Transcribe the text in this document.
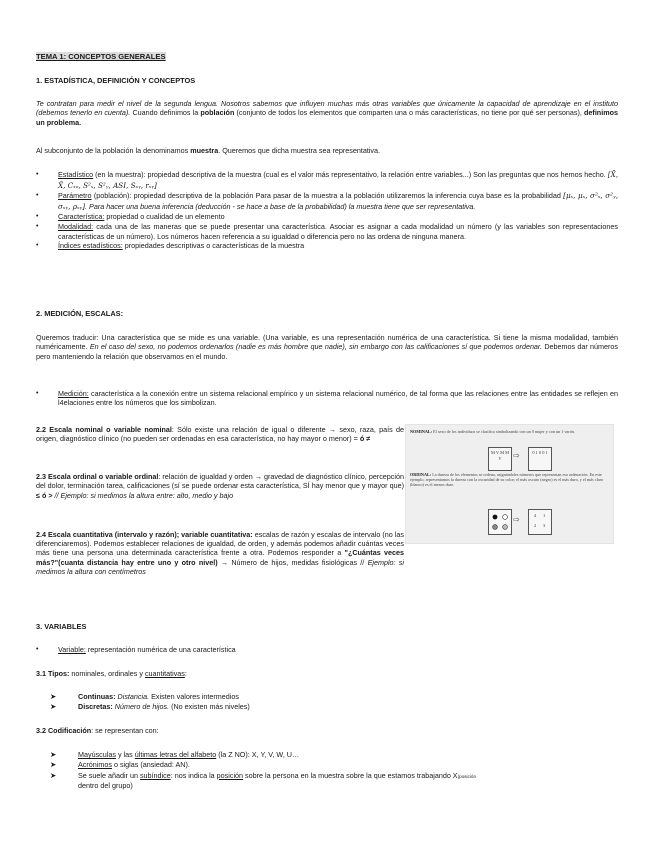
TEMA 1: CONCEPTOS GENERALES

1. ESTADÍSTICA, DEFINICIÓN Y CONCEPTOS

Te contratan para medir el nivel de la segunda lengua. Nosotros sabemos que influyen muchas más otras variables que únicamente la capacidad de aprendizaje en el instituto (debemos tenerlo en cuenta). Cuando definimos la población (conjunto de todos los elementos que comparten una o más características, no tiene por qué ser personas), definimos un problema.

Al subconjunto de la población la denominamos muestra. Queremos que dicha muestra sea representativa.

•	Estadístico (en la muestra): propiedad descriptiva de la muestra (cual es el valor más representativo, la relación entre variables...) Son las preguntas que nos hemos hecho. [X̄, X̃, Cₓₒ, S²ₓ, S²ᵧ, ASI, Sₓᵧ, rₓᵧ]
•	Parámetro (población): propiedad descriptiva de la población Para pasar de la muestra a la población utilizaremos la inferencia cuya base es la probabilidad [μₓ, μₓ, σ²ₓ, σ²ᵧ, σₓᵧ, ρₓᵧ]. Para hacer una buena inferencia (deducción - se hace a base de la probabilidad) la muestra tiene que ser representativa.
•	Característica: propiedad o cualidad de un elemento
•	Modalidad: cada una de las maneras que se puede presentar una característica. Asociar es asignar a cada modalidad un número (y las variables son representaciones características de un número). Los números hacen referencia a su igualdad o diferencia pero no las ordena de ninguna manera.
•	Índices estadísticos: propiedades descriptivas o características de la muestra

2. MEDICIÓN, ESCALAS:

Queremos traducir: Una característica que se mide es una variable. (Una variable, es una representación numérica de una característica. Si tiene la misma modalidad, también numéricamente. En el caso del sexo, no podemos ordenarlos (nadie es más hombre que nadie), sin embargo con las calificaciones sí que podemos ordenar. Debemos dar números pero manteniendo la relación que observamos en el mundo.

•	Medición: característica a la conexión entre un sistema relacional empírico y un sistema relacional numérico, de tal forma que las relaciones entre las entidades se reflejen en l4elaciones entre los números que los simbolizan.

2.2 Escala nominal o variable nominal: Sólo existe una relación de igual o diferente → sexo, raza, país de origen, diagnóstico clínico (no pueden ser ordenadas en esa característica, no hay mayor o menor) = ó ≠

2.3 Escala ordinal o variable ordinal: relación de igualdad y orden → gravedad de diagnóstico clínico, percepción del dolor, terminación tarea, calificaciones (sí se puede ordenar esta característica, SÍ hay menor que y mayor que) ≤ ó > // Ejemplo: si medimos la altura entre: alto, medio y bajo

2.4 Escala cuantitativa (intervalo y razón); variable cuantitativa: escalas de razón y escalas de intervalo (no las diferenciaremos). Podemos establecer relaciones de igualdad, de orden, y además podemos añadir cuántas veces más tiene una persona una determinada característica frente a otra. Podemos responder a "¿Cuántas veces más?"(cuanta distancia hay entre uno y otro nivel) → Número de hijos, medidas fisiológicas // Ejemplo: si medimos la altura con centímetros

3. VARIABLES

•	Variable: representación numérica de una característica

3.1 Tipos: nominales, ordinales y cuantitativas:

➤	Continuas: Distancia. Existen valores intermedios
➤	Discretas: Número de hijos. (No existen más niveles)

3.2 Codificación: se representan con:

➤	Mayúsculas y las últimas letras del alfabeto (la Z NO): X, Y, V, W, U…
➤	Acrónimos o siglas (ansiedad: AN).
➤	Se suele añadir un subíndice: nos indica la posición sobre la persona en la muestra sobre la que estamos trabajando X(posición
dentro del grupo)
NOMINAL: El sexo de los individuos se clasifica simbolizando con un 0 mujer y con un 1 varón.
M V M M V	⇨	0 1 0 0 1
ORDINAL: La dureza de los elementos se ordena, asignándoles números que representan esa ordenación. En este ejemplo, representamos la dureza con la oscuridad de su color; el más oscuro (negro) es el más duro, y el más claro (blanco) es el menos duro.
⇨	4 1
2 3
